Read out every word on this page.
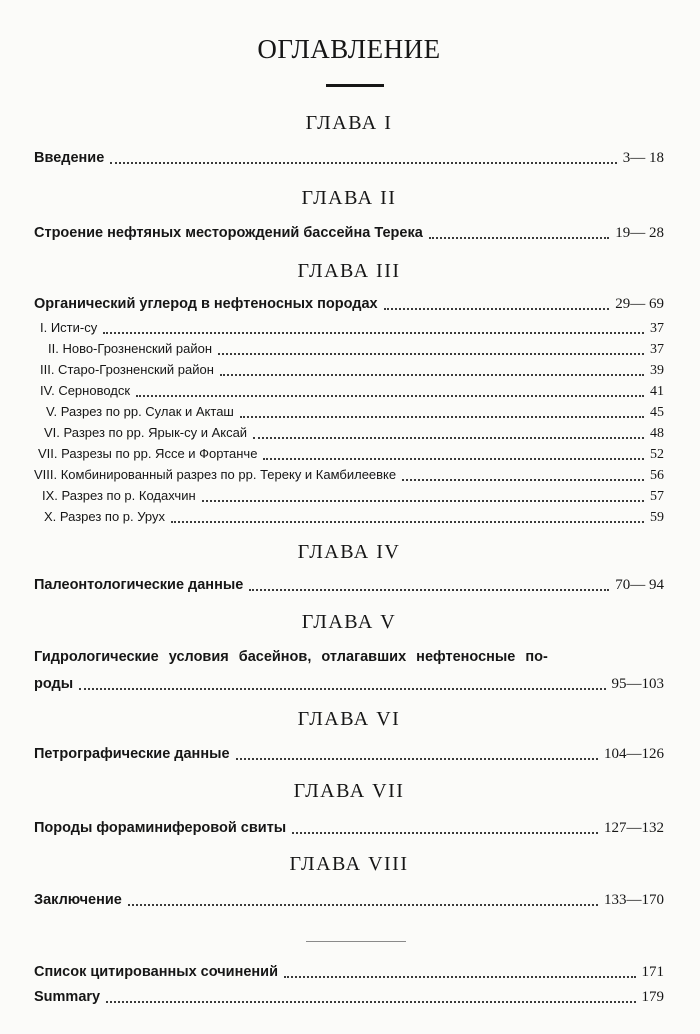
ОГЛАВЛЕНИЕ
ГЛАВА I
Введение	3— 18
ГЛАВА II
Строение нефтяных месторождений бассейна Терека	19— 28
ГЛАВА III
Органический углерод в нефтеносных породах	29— 69
I. Исти-су	37
II. Ново-Грозненский район	37
III. Старо-Грозненский район	39
IV. Серноводск	41
V. Разрез по рр. Сулак и Акташ	45
VI. Разрез по рр. Ярык-су и Аксай	48
VII. Разрезы по рр. Яссе и Фортанче	52
VIII. Комбинированный разрез по рр. Тереку и Камбилеевке	56
IX. Разрез по р. Кодахчин	57
X. Разрез по р. Урух	59
ГЛАВА IV
Палеонтологические данные	70— 94
ГЛАВА V
Гидрологические условия басейнов, отлагавших нефтеносные по-
роды	95—103
ГЛАВА VI
Петрографические данные	104—126
ГЛАВА VII
Породы фораминиферовой свиты	127—132
ГЛАВА VIII
Заключение	133—170
Список цитированных сочинений	171
Summary	179
